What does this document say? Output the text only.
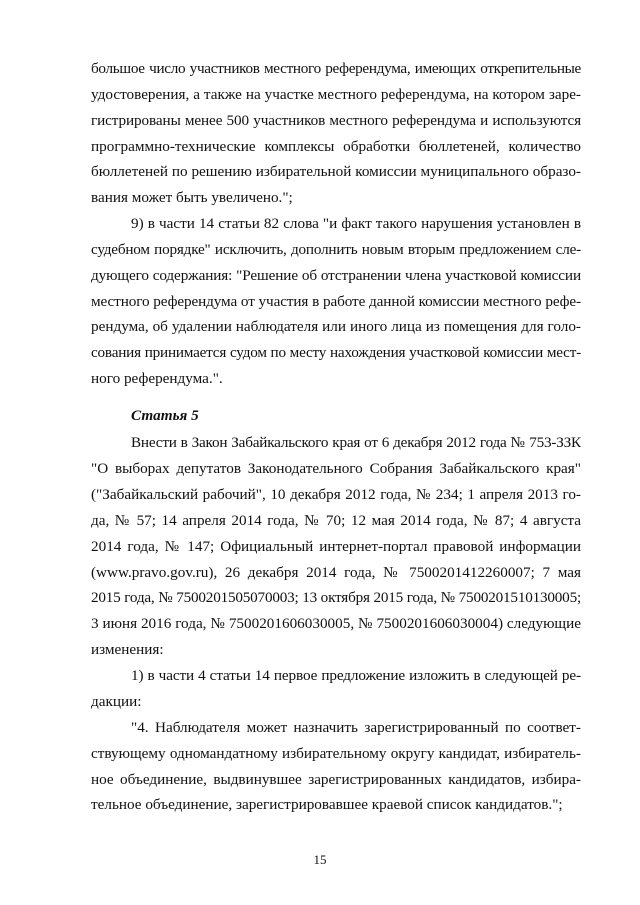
большое число участников местного референдума, имеющих открепительные
удостоверения, а также на участке местного референдума, на котором заре-
гистрированы менее 500 участников местного референдума и используются
программно-технические комплексы обработки бюллетеней, количество
бюллетеней по решению избирательной комиссии муниципального образо-
вания может быть увеличено.";
9) в части 14 статьи 82 слова "и факт такого нарушения установлен в
судебном порядке" исключить, дополнить новым вторым предложением сле-
дующего содержания: "Решение об отстранении члена участковой комиссии
местного референдума от участия в работе данной комиссии местного рефе-
рендума, об удалении наблюдателя или иного лица из помещения для голо-
сования принимается судом по месту нахождения участковой комиссии мест-
ного референдума.".
Статья 5
Внести в Закон Забайкальского края от 6 декабря 2012 года № 753-ЗЗК
"О выборах депутатов Законодательного Собрания Забайкальского края"
("Забайкальский рабочий", 10 декабря 2012 года, № 234; 1 апреля 2013 го-
да, № 57; 14 апреля 2014 года, № 70; 12 мая 2014 года, № 87; 4 августа
2014 года, № 147; Официальный интернет-портал правовой информации
(www.pravo.gov.ru), 26 декабря 2014 года, № 7500201412260007; 7 мая
2015 года, № 7500201505070003; 13 октября 2015 года, № 7500201510130005;
3 июня 2016 года, № 7500201606030005, № 7500201606030004) следующие
изменения:
1) в части 4 статьи 14 первое предложение изложить в следующей ре-
дакции:
"4. Наблюдателя может назначить зарегистрированный по соответ-
ствующему одномандатному избирательному округу кандидат, избиратель-
ное объединение, выдвинувшее зарегистрированных кандидатов, избира-
тельное объединение, зарегистрировавшее краевой список кандидатов.";
15
